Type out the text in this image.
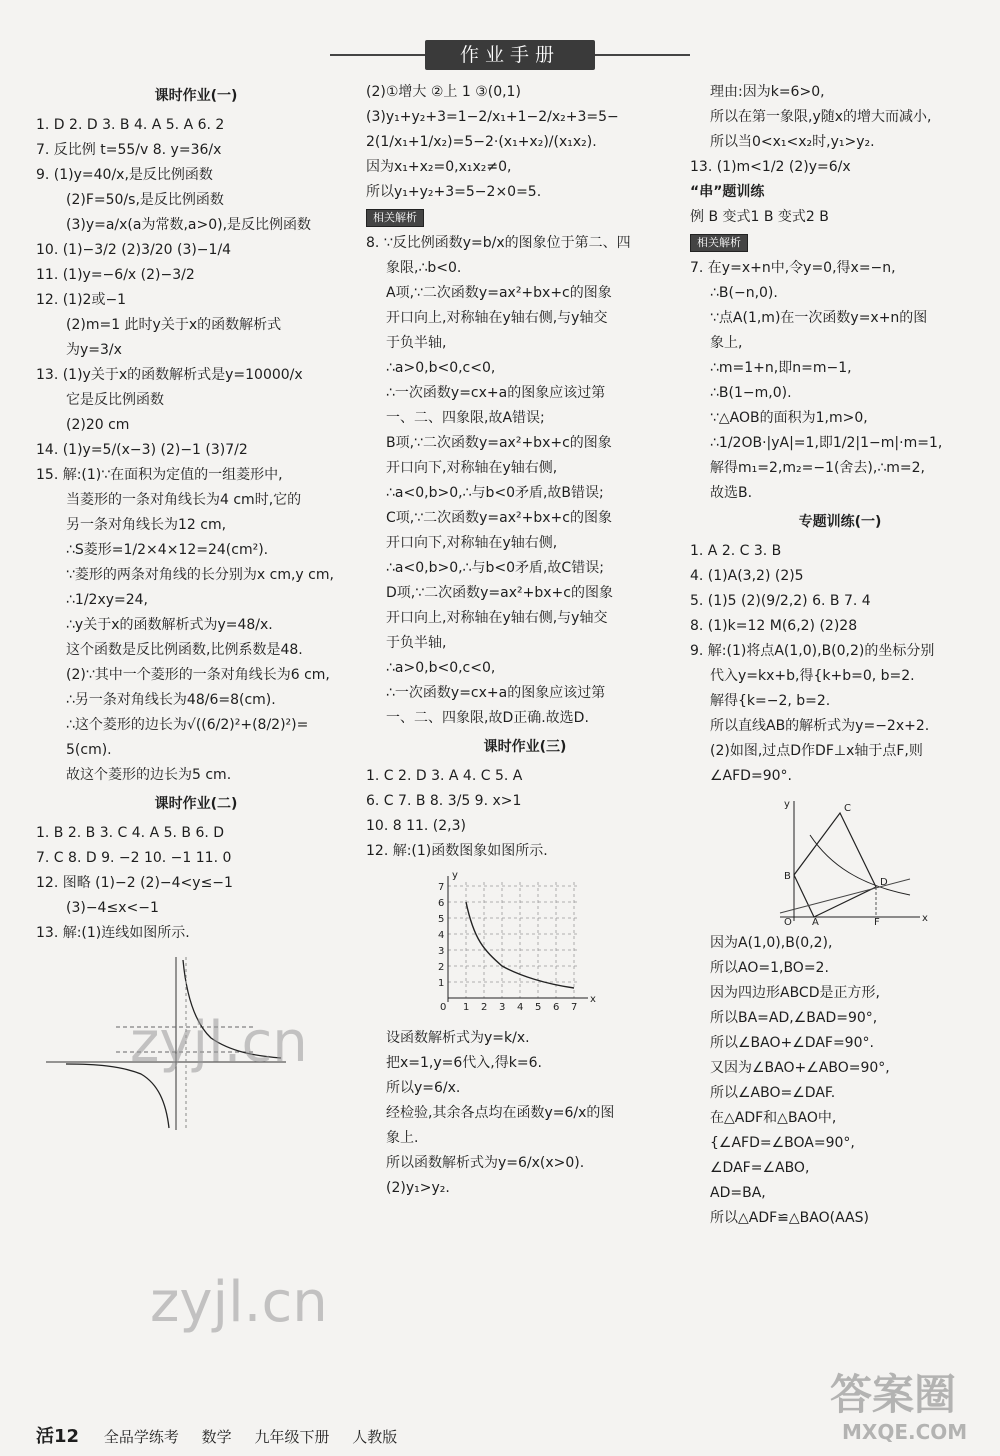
作业手册
课时作业(一)
1. D 2. D 3. B 4. A 5. A 6. 2
7. 反比例 t=55/v 8. y=36/x
9. (1)y=40/x,是反比例函数
(2)F=50/s,是反比例函数
(3)y=a/x(a为常数,a>0),是反比例函数
10. (1)−3/2 (2)3/20 (3)−1/4
11. (1)y=−6/x (2)−3/2
12. (1)2或−1
(2)m=1 此时y关于x的函数解析式
为y=3/x
13. (1)y关于x的函数解析式是y=10000/x
它是反比例函数
(2)20 cm
14. (1)y=5/(x−3) (2)−1 (3)7/2
15. 解:(1)∵在面积为定值的一组菱形中,
当菱形的一条对角线长为4 cm时,它的
另一条对角线长为12 cm,
∴S菱形=1/2×4×12=24(cm²).
∵菱形的两条对角线的长分别为x cm,y cm,
∴1/2xy=24,
∴y关于x的函数解析式为y=48/x.
这个函数是反比例函数,比例系数是48.
(2)∵其中一个菱形的一条对角线长为6 cm,
∴另一条对角线长为48/6=8(cm).
∴这个菱形的边长为√((6/2)²+(8/2)²)=
5(cm).
故这个菱形的边长为5 cm.
课时作业(二)
1. B 2. B 3. C 4. A 5. B 6. D
7. C 8. D 9. −2 10. −1 11. 0
12. 图略 (1)−2 (2)−4<y≤−1
(3)−4≤x<−1
13. 解:(1)连线如图所示.
(2)①增大 ②上 1 ③(0,1)
(3)y₁+y₂+3=1−2/x₁+1−2/x₂+3=5−
2(1/x₁+1/x₂)=5−2·(x₁+x₂)/(x₁x₂).
因为x₁+x₂=0,x₁x₂≠0,
所以y₁+y₂+3=5−2×0=5.
相关解析
8. ∵反比例函数y=b/x的图象位于第二、四
象限,∴b<0.
A项,∵二次函数y=ax²+bx+c的图象
开口向上,对称轴在y轴右侧,与y轴交
于负半轴,
∴a>0,b<0,c<0,
∴一次函数y=cx+a的图象应该过第
一、二、四象限,故A错误;
B项,∵二次函数y=ax²+bx+c的图象
开口向下,对称轴在y轴右侧,
∴a<0,b>0,∴与b<0矛盾,故B错误;
C项,∵二次函数y=ax²+bx+c的图象
开口向下,对称轴在y轴右侧,
∴a<0,b>0,∴与b<0矛盾,故C错误;
D项,∵二次函数y=ax²+bx+c的图象
开口向上,对称轴在y轴右侧,与y轴交
于负半轴,
∴a>0,b<0,c<0,
∴一次函数y=cx+a的图象应该过第
一、二、四象限,故D正确.故选D.
课时作业(三)
1. C 2. D 3. A 4. C 5. A
6. C 7. B 8. 3/5 9. x>1
10. 8 11. (2,3)
12. 解:(1)函数图象如图所示.
0 1 2 3 4 5 6 7
x
1
2
3
4
5
6
7
y
设函数解析式为y=k/x.
把x=1,y=6代入,得k=6.
所以y=6/x.
经检验,其余各点均在函数y=6/x的图
象上.
所以函数解析式为y=6/x(x>0).
(2)y₁>y₂.
理由:因为k=6>0,
所以在第一象限,y随x的增大而减小,
所以当0<x₁<x₂时,y₁>y₂.
13. (1)m<1/2 (2)y=6/x
“串”题训练
例 B 变式1 B 变式2 B
相关解析
7. 在y=x+n中,令y=0,得x=−n,
∴B(−n,0).
∵点A(1,m)在一次函数y=x+n的图
象上,
∴m=1+n,即n=m−1,
∴B(1−m,0).
∵△AOB的面积为1,m>0,
∴1/2OB·|yA|=1,即1/2|1−m|·m=1,
解得m₁=2,m₂=−1(舍去),∴m=2,
故选B.
专题训练(一)
1. A 2. C 3. B
4. (1)A(3,2) (2)5
5. (1)5 (2)(9/2,2) 6. B 7. 4
8. (1)k=12 M(6,2) (2)28
9. 解:(1)将点A(1,0),B(0,2)的坐标分别
代入y=kx+b,得{k+b=0, b=2.
解得{k=−2, b=2.
所以直线AB的解析式为y=−2x+2.
(2)如图,过点D作DF⊥x轴于点F,则
∠AFD=90°.
y	C
B
D
O A	F	x
因为A(1,0),B(0,2),
所以AO=1,BO=2.
因为四边形ABCD是正方形,
所以BA=AD,∠BAD=90°,
所以∠BAO+∠DAF=90°.
又因为∠BAO+∠ABO=90°,
所以∠ABO=∠DAF.
在△ADF和△BAO中,
{∠AFD=∠BOA=90°,
∠DAF=∠ABO,
AD=BA,
所以△ADF≌△BAO(AAS)
活12 全品学练考 数学 九年级下册 人教版
zyjl.cn
zyjl.cn
答案圈
MXQE.COM
